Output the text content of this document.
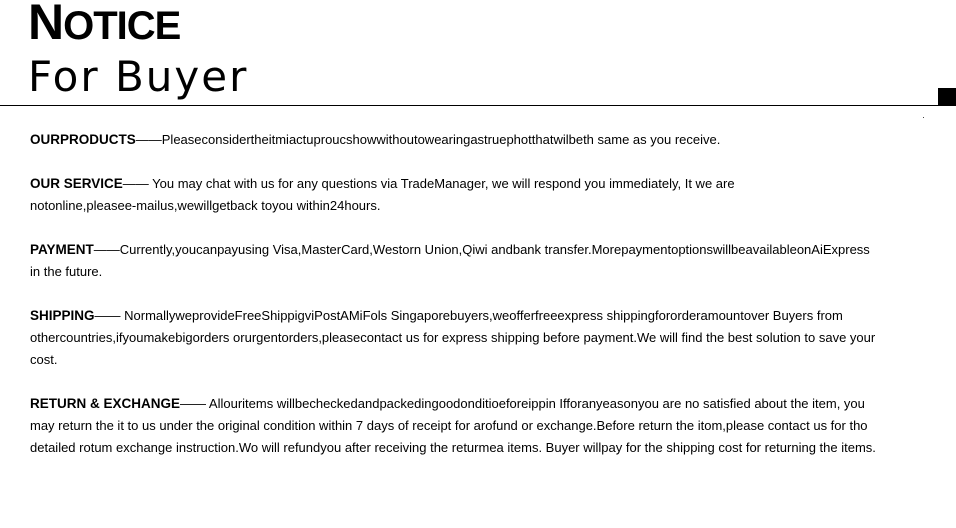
NOTICE
For Buyer
OURPRODUCTS——Pleaseconsidertheitmiactuproucshowwithoutowearingastruephotthatwilbeth same as you receive.
OUR SERVICE—— You may chat with us for any questions via TradeManager, we will respond you immediately, It we are
notonline,pleasee-mailus,wewillgetback toyou within24hours.
PAYMENT——Currently,youcanpayusing Visa,MasterCard,Westorn Union,Qiwi andbank transfer.MorepaymentoptionswillbeavailableonAiExpress
in the future.
SHIPPING—— NormallyweprovideFreeShippigviPostAMiFols Singaporebuyers,weofferfreeexpress shippingfororderamountover Buyers from
othercountries,ifyoumakebigorders orurgentorders,pleasecontact us for express shipping before payment.We will find the best solution to save your
cost.
RETURN & EXCHANGE—— Allouritems willbecheckedandpackedingoodonditioeforeippin Ifforanyeasonyou are no satisfied about the item, you
may return the it to us under the original condition within 7 days of receipt for arofund or exchange.Before return the itom,please contact us for tho
detailed rotum exchange instruction.Wo will refundyou after receiving the returmea items. Buyer willpay for the shipping cost for returning the items.
